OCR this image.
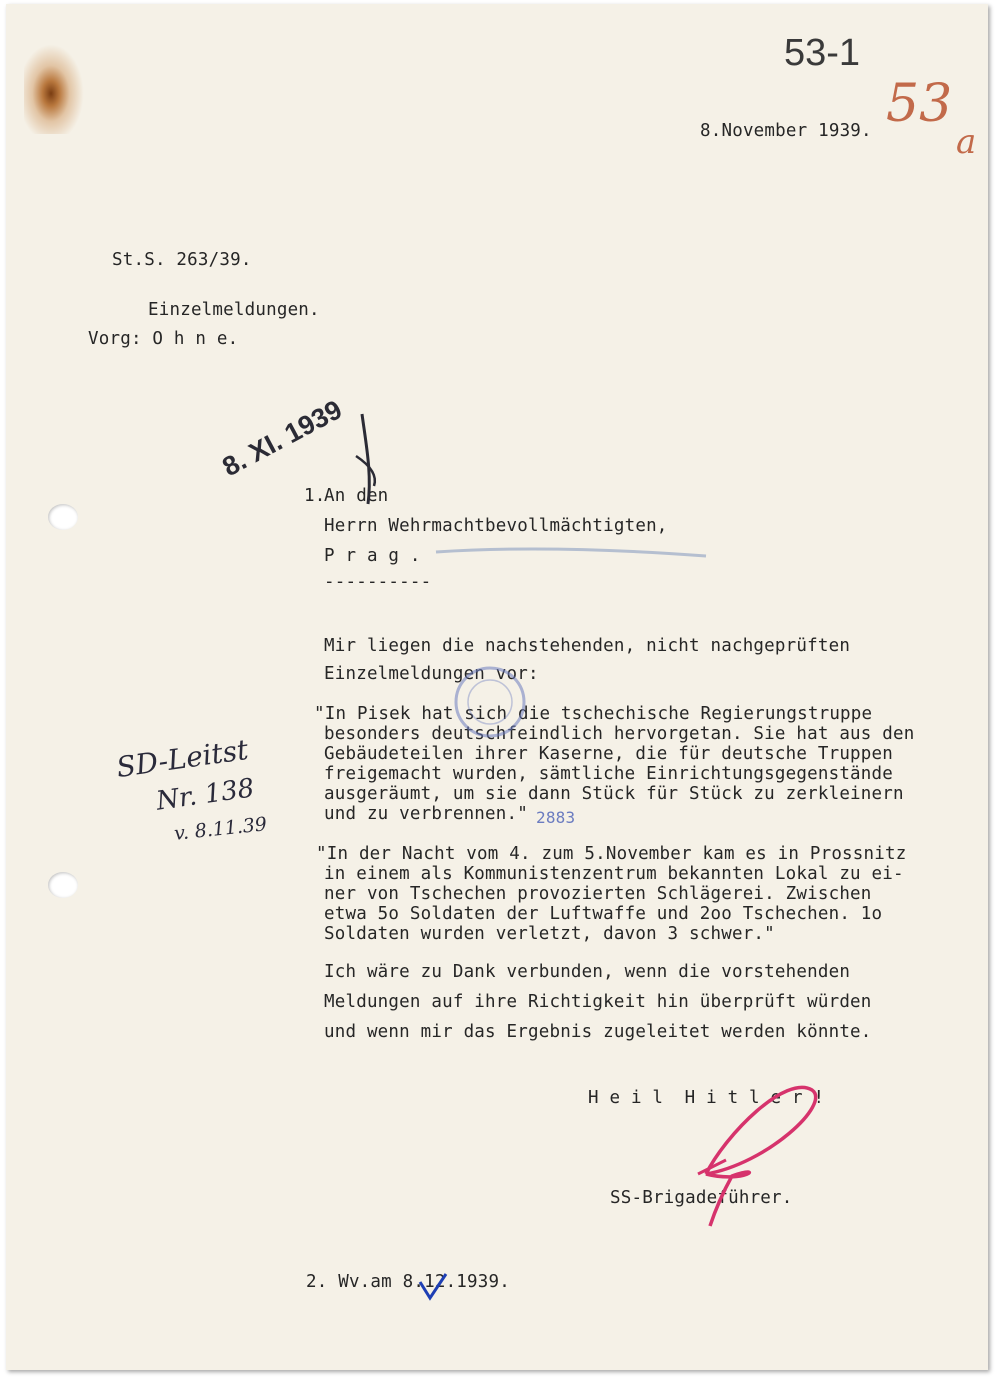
53-1
53
a
8.November 1939.
St.S. 263/39.
Einzelmeldungen.
Vorg: O h n e.
8. XI. 1939
1.
An den
Herrn Wehrmachtbevollmächtigten,
P r a g .
----------
Mir liegen die nachstehenden, nicht nachgeprüften
Einzelmeldungen vor:
"In Pisek hat sich die tschechische Regierungstruppe
besonders deutschfeindlich hervorgetan. Sie hat aus den
Gebäudeteilen ihrer Kaserne, die für deutsche Truppen
freigemacht wurden, sämtliche Einrichtungsgegenstände
ausgeräumt, um sie dann Stück für Stück zu zerkleinern
und zu verbrennen." 2883
"In der Nacht vom 4. zum 5.November kam es in Prossnitz
in einem als Kommunistenzentrum bekannten Lokal zu ei-
ner von Tschechen provozierten Schlägerei. Zwischen
etwa 5o Soldaten der Luftwaffe und 2oo Tschechen. 1o
Soldaten wurden verletzt, davon 3 schwer."
Ich wäre zu Dank verbunden, wenn die vorstehenden
Meldungen auf ihre Richtigkeit hin überprüft würden
und wenn mir das Ergebnis zugeleitet werden könnte.
H e i l  H i t l e r !
SS-Brigadeführer.
SD-Leitst
Nr. 138
v. 8.11.39
2. Wv.am 8.12.1939.
